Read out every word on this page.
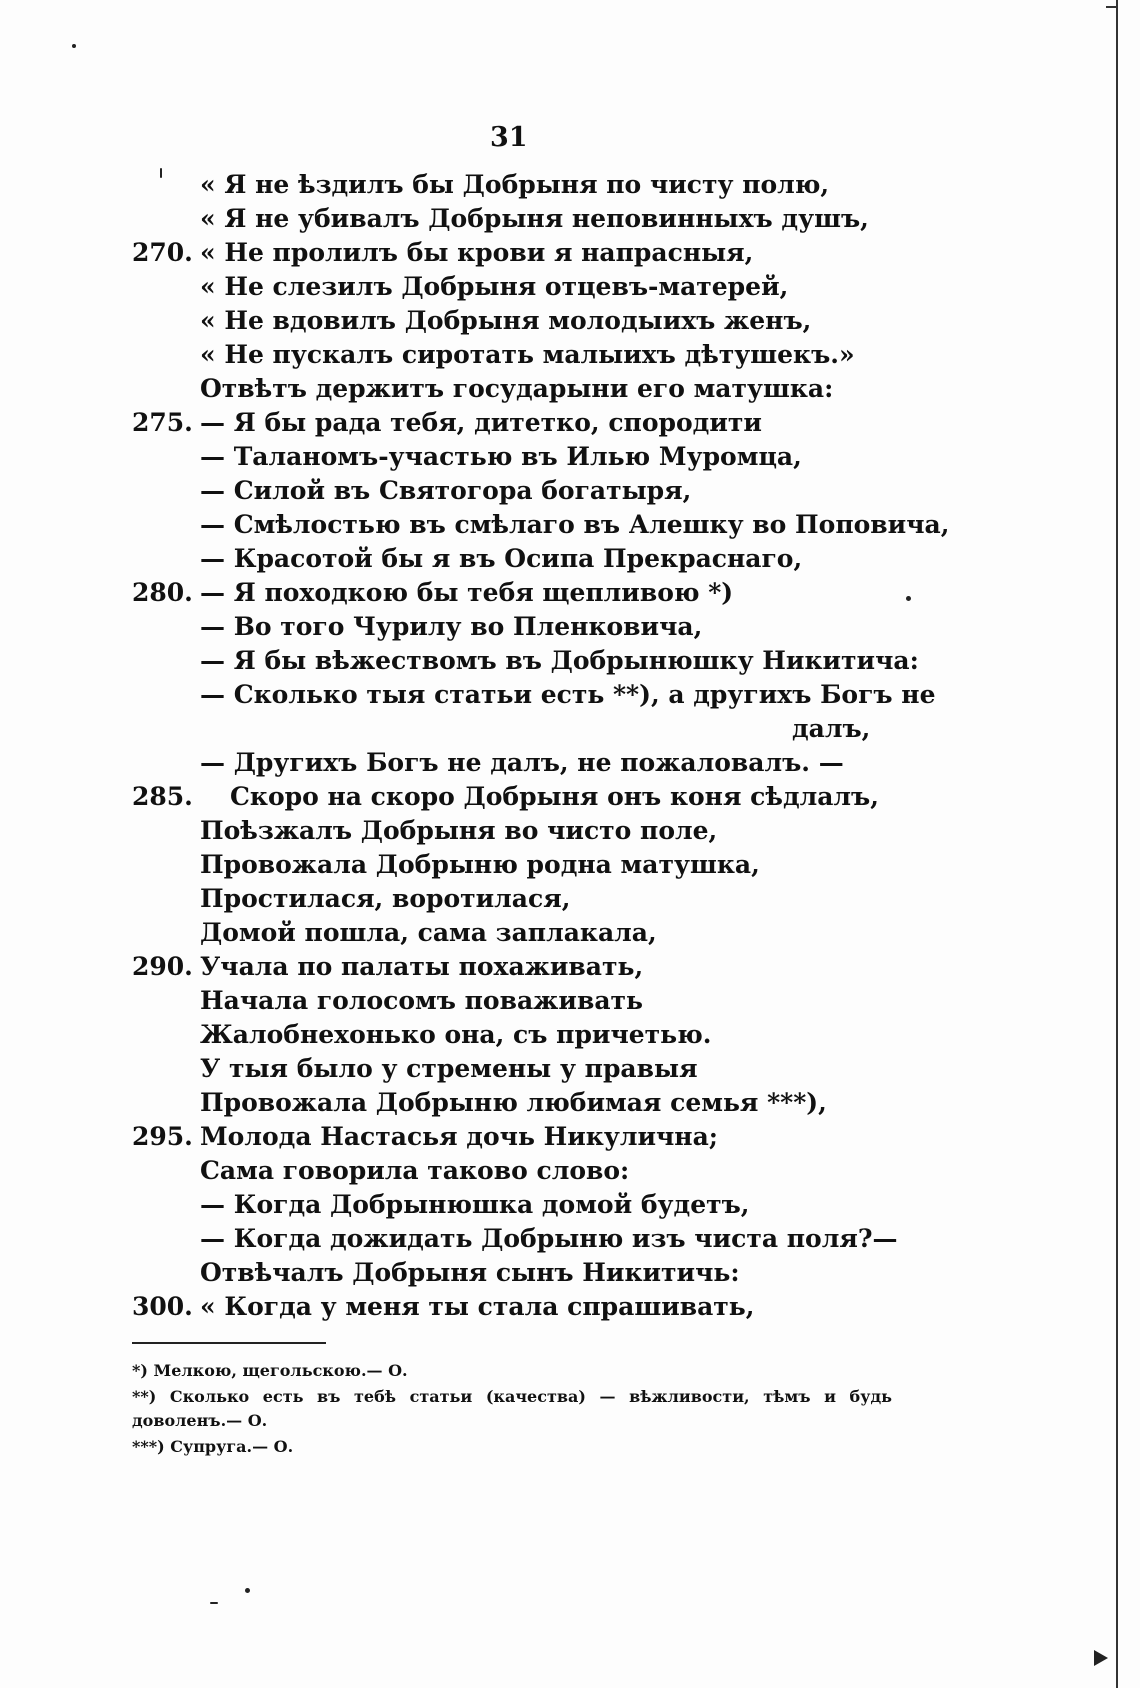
31
« Я не ѣздилъ бы Добрыня по чисту полю,
« Я не убивалъ Добрыня неповинныхъ душъ,
270. « Не пролилъ бы крови я напрасныя,
« Не слезилъ Добрыня отцевъ-матерей,
« Не вдовилъ Добрыня молодыихъ женъ,
« Не пускалъ сиротать малыихъ дѣтушекъ.»
Отвѣтъ держитъ государыни его матушка:
275. — Я бы рада тебя, дитетко, спородити
— Таланомъ-участью въ Илью Муромца,
— Силой въ Святогора богатыря,
— Смѣлостью въ смѣлаго въ Алешку во Поповича,
— Красотой бы я въ Осипа Прекраснаго,
280. — Я походкою бы тебя щепливою *)
— Во того Чурилу во Пленковича,
— Я бы вѣжествомъ въ Добрынюшку Никитича:
— Сколько тыя статьи есть **), а другихъ Богъ не
далъ,
— Другихъ Богъ не далъ, не пожаловалъ. —
285. Скоро на скоро Добрыня онъ коня сѣдлалъ,
Поѣзжалъ Добрыня во чисто поле,
Провожала Добрыню родна матушка,
Простилася, воротилася,
Домой пошла, сама заплакала,
290. Учала по палаты похаживать,
Начала голосомъ поваживать
Жалобнехонько она, съ причетью.
У тыя было у стремены у правыя
Провожала Добрыню любимая семья ***),
295. Молода Настасья дочь Никулична;
Сама говорила таково слово:
— Когда Добрынюшка домой будетъ,
— Когда дожидать Добрыню изъ чиста поля?—
Отвѣчалъ Добрыня сынъ Никитичь:
300. « Когда у меня ты стала спрашивать,
*) Мелкою, щегольскою.— О.
**) Сколько есть въ тебѣ статьи (качества) — вѣжливости, тѣмъ и будь
доволенъ.— О.
***) Супруга.— О.
